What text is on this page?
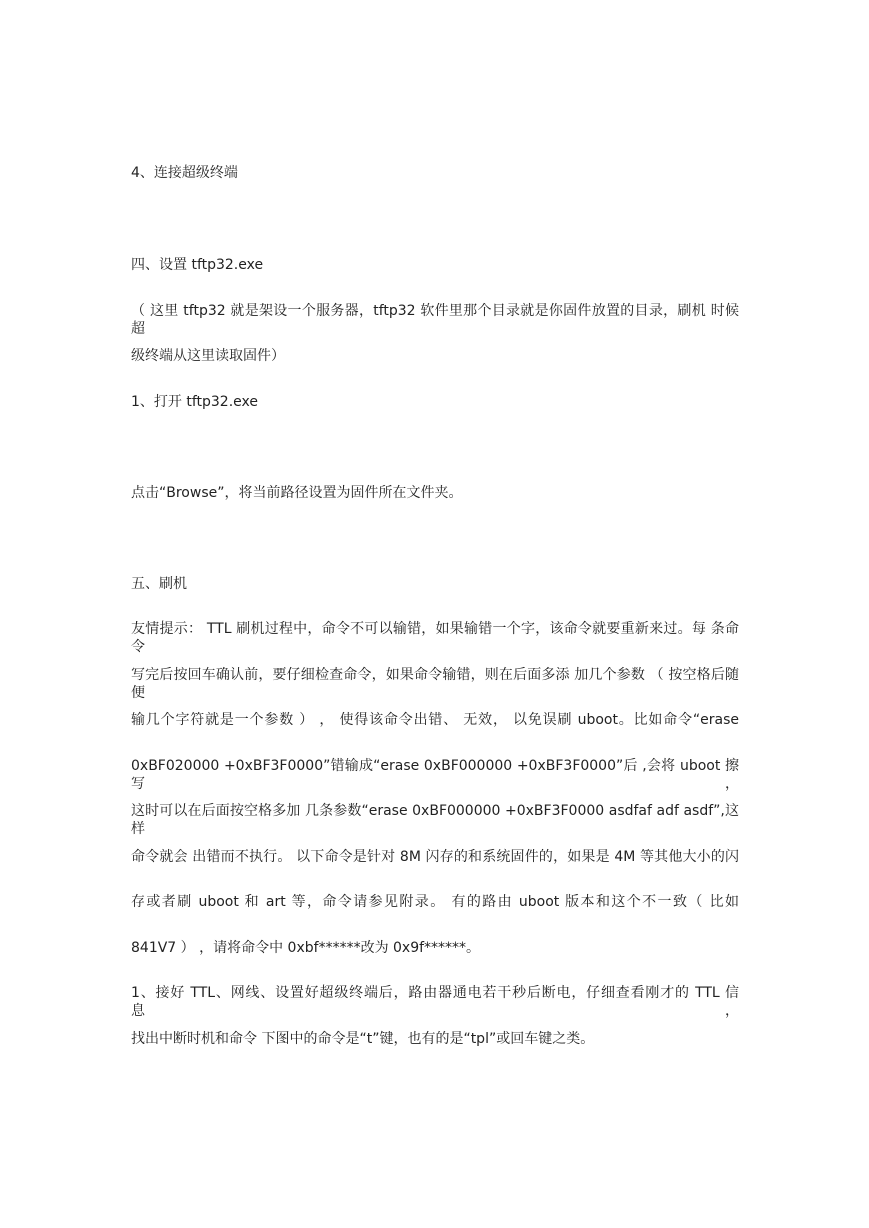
4、连接超级终端

四、设置 tftp32.exe

（ 这里 tftp32 就是架设一个服务器，tftp32 软件里那个目录就是你固件放置的目录，刷机 时候超

级终端从这里读取固件）

1、打开 tftp32.exe

点击“Browse”，将当前路径设置为固件所在文件夹。

五、刷机

友情提示： TTL 刷机过程中，命令不可以输错，如果输错一个字，该命令就要重新来过。每 条命令

写完后按回车确认前，要仔细检查命令，如果命令输错，则在后面多添 加几个参数 （ 按空格后随便

输几个字符就是一个参数 ） ， 使得该命令出错、 无效， 以免误刷 uboot。比如命令“erase

0xBF020000 +0xBF3F0000”错输成“erase 0xBF000000 +0xBF3F0000”后 ,会将 uboot 擦写，

这时可以在后面按空格多加 几条参数“erase 0xBF000000 +0xBF3F0000 asdfaf adf asdf”,这样

命令就会 出错而不执行。 以下命令是针对 8M 闪存的和系统固件的，如果是 4M 等其他大小的闪

存或者刷 uboot 和 art 等，命令请参见附录。 有的路由 uboot 版本和这个不一致（ 比如

841V7 ） ，请将命令中 0xbf******改为 0x9f******。

1、接好 TTL、网线、设置好超级终端后，路由器通电若干秒后断电，仔细查看刚才的 TTL 信 息，

找出中断时机和命令 下图中的命令是“t”键，也有的是“tpl”或回车键之类。
